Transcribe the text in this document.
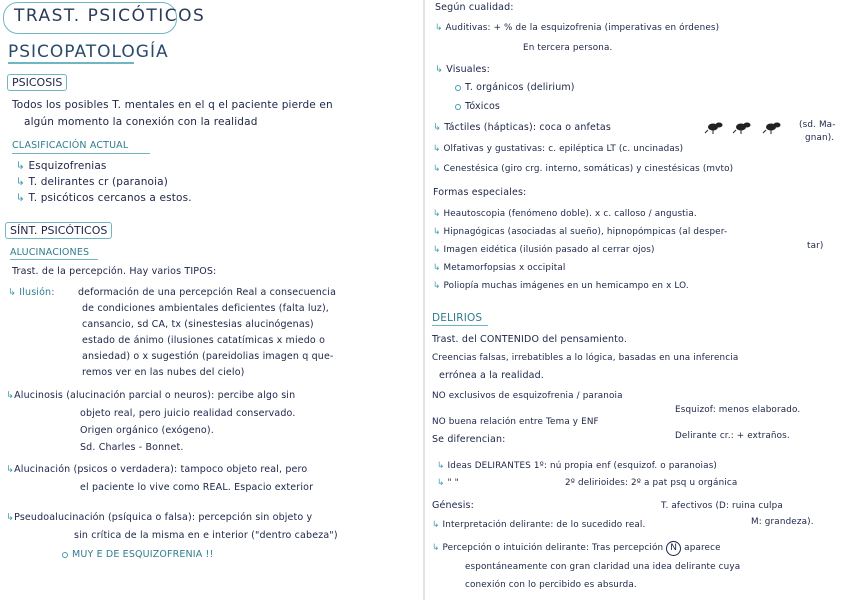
TRAST. PSICÓTICOS
PSICOPATOLOGÍA
PSICOSIS
Todos los posibles T. mentales en el q el paciente pierde en
algún momento la conexión con la realidad
CLASIFICACIÓN ACTUAL
↳ Esquizofrenias
↳ T. delirantes cr (paranoia)
↳ T. psicóticos cercanos a estos.
SÍNT. PSICÓTICOS
ALUCINACIONES
Trast. de la percepción. Hay varios TIPOS:
↳ Ilusión: deformación de una percepción Real a consecuencia
de condiciones ambientales deficientes (falta luz),
cansancio, sd CA, tx (sinestesias alucinógenas)
estado de ánimo (ilusiones catatímicas x miedo o
ansiedad) o x sugestión (pareidolias imagen q que-
remos ver en las nubes del cielo)
↳Alucinosis (alucinación parcial o neuros): percibe algo sin
objeto real, pero juicio realidad conservado.
Origen orgánico (exógeno).
Sd. Charles - Bonnet.
↳Alucinación (psicos o verdadera): tampoco objeto real, pero
el paciente lo vive como REAL. Espacio exterior
↳Pseudoalucinación (psíquica o falsa): percepción sin objeto y
sin crítica de la misma en e interior ("dentro cabeza")
MUY E DE ESQUIZOFRENIA !!
Según cualidad:
↳ Auditivas: + % de la esquizofrenia (imperativas en órdenes)
En tercera persona.
↳ Visuales:
T. orgánicos (delirium)
Tóxicos
↳ Táctiles (hápticas): coca o anfetas	(sd. Ma-
gnan).
↳ Olfativas y gustativas: c. epiléptica LT (c. uncinadas)
↳ Cenestésica (giro crg. interno, somáticas) y cinestésicas (mvto)
Formas especiales:
↳ Heautoscopia (fenómeno doble). x c. calloso / angustia.
↳ Hipnagógicas (asociadas al sueño), hipnopómpicas (al desper-
tar)
↳ Imagen eidética (ilusión pasado al cerrar ojos)
↳ Metamorfopsias x occipital
↳ Poliopía muchas imágenes en un hemicampo en x LO.
DELIRIOS
Trast. del CONTENIDO del pensamiento.
Creencias falsas, irrebatibles a lo lógica, basadas en una inferencia
errónea a la realidad.
NO exclusivos de esquizofrenia / paranoia
NO buena relación entre Tema y ENF
Se diferencian:
Esquizof: menos elaborado.
Delirante cr.: + extraños.
↳ Ideas DELIRANTES 1º: nú propia enf (esquizof. o paranoias)
↳ " "	2º delirioides: 2º a pat psq u orgánica
Génesis:	T. afectivos (D: ruina culpa
M: grandeza).
↳ Interpretación delirante: de lo sucedido real.
↳ Percepción o intuición delirante: Tras percepción N aparece
espontáneamente con gran claridad una idea delirante cuya
conexión con lo percibido es absurda.
